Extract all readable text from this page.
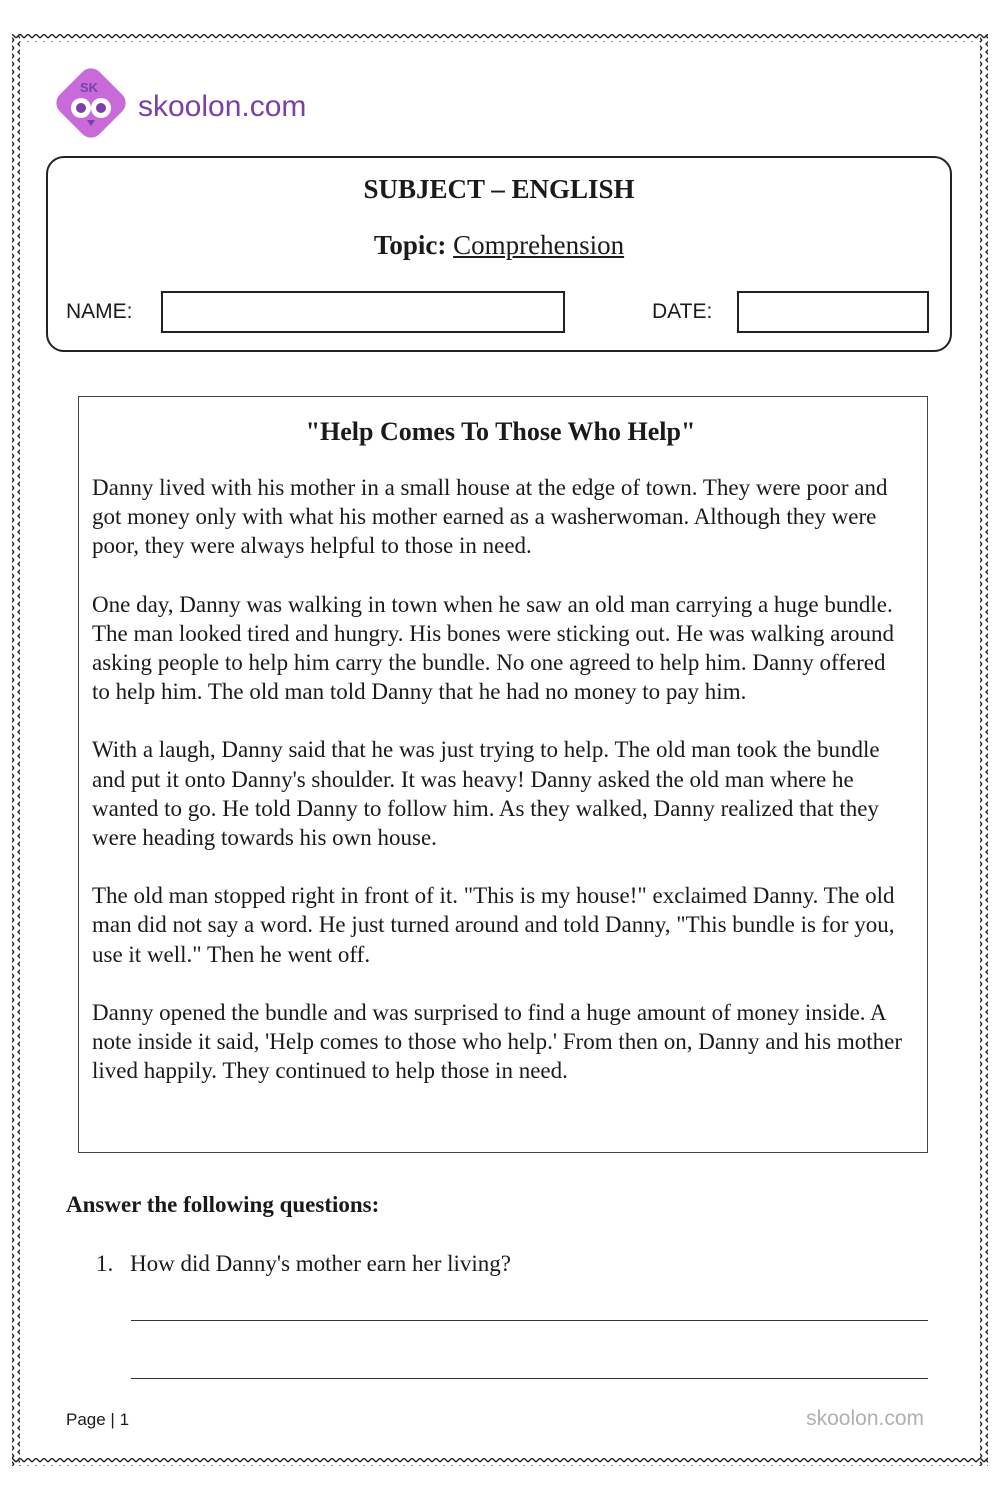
SK
skoolon.com
SUBJECT – ENGLISH
Topic: Comprehension
NAME:	DATE:
"Help Comes To Those Who Help"

Danny lived with his mother in a small house at the edge of town. They were poor and got money only with what his mother earned as a washerwoman. Although they were poor, they were always helpful to those in need.

One day, Danny was walking in town when he saw an old man carrying a huge bundle. The man looked tired and hungry. His bones were sticking out. He was walking around asking people to help him carry the bundle. No one agreed to help him. Danny offered to help him. The old man told Danny that he had no money to pay him.

With a laugh, Danny said that he was just trying to help. The old man took the bundle and put it onto Danny's shoulder. It was heavy! Danny asked the old man where he wanted to go. He told Danny to follow him. As they walked, Danny realized that they were heading towards his own house.

The old man stopped right in front of it. "This is my house!" exclaimed Danny. The old man did not say a word. He just turned around and told Danny, "This bundle is for you, use it well." Then he went off.

Danny opened the bundle and was surprised to find a huge amount of money inside. A note inside it said, 'Help comes to those who help.' From then on, Danny and his mother lived happily. They continued to help those in need.

Answer the following questions:
1. How did Danny's mother earn her living?
Page | 1	skoolon.com
